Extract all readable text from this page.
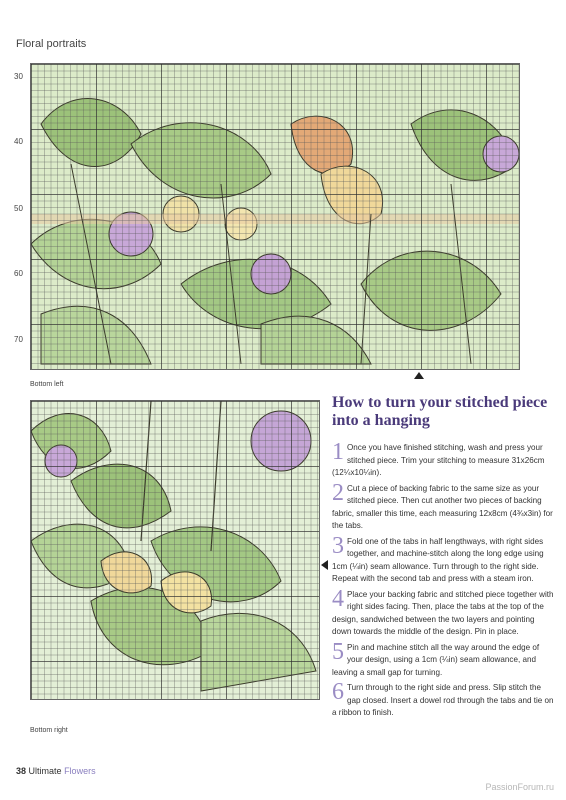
Floral portraits
30
40
50
60
70
Bottom left
Bottom right
How to turn your stitched piece into a hanging
1 Once you have finished stitching, wash and press your stitched piece. Trim your stitching to measure 31x26cm (12¼x10¼in).
2 Cut a piece of backing fabric to the same size as your stitched piece. Then cut another two pieces of backing fabric, smaller this time, each measuring 12x8cm (4¾x3in) for the tabs.
3 Fold one of the tabs in half lengthways, with right sides together, and machine-stitch along the long edge using 1cm (¼in) seam allowance. Turn through to the right side. Repeat with the second tab and press with a steam iron.
4 Place your backing fabric and stitched piece together with right sides facing. Then, place the tabs at the top of the design, sandwiched between the two layers and pointing down towards the middle of the design. Pin in place.
5 Pin and machine stitch all the way around the edge of your design, using a 1cm (¼in) seam allowance, and leaving a small gap for turning.
6 Turn through to the right side and press. Slip stitch the gap closed. Insert a dowel rod through the tabs and tie on a ribbon to finish.
38 Ultimate Flowers
PassionForum.ru
